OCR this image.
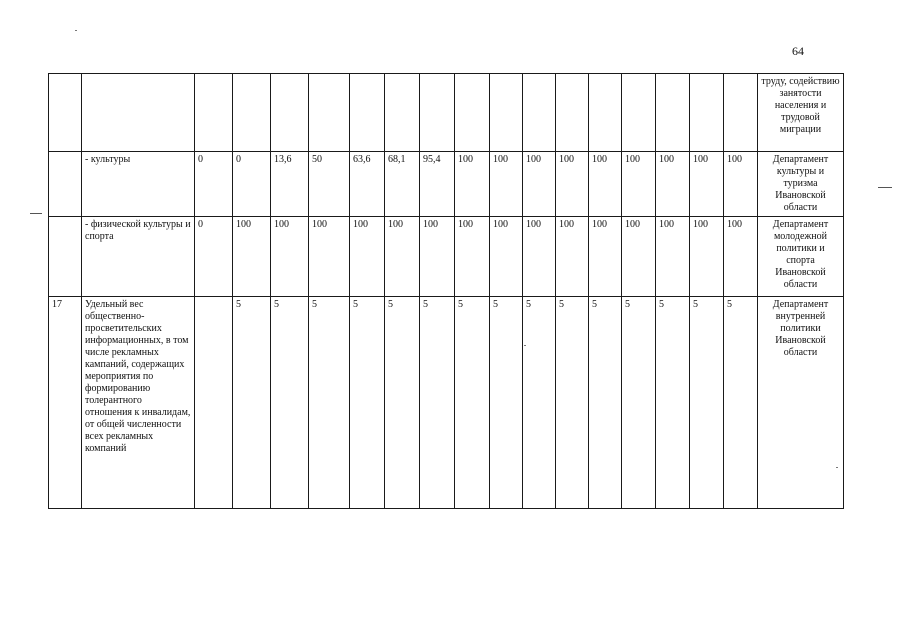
64
																		труду, содействию занятости населения и трудовой миграции
	- культуры	0	0	13,6	50	63,6	68,1	95,4	100	100	100	100	100	100	100	100	100	Департамент культуры и туризма Ивановской области
	- физической культуры и спорта	0	100	100	100	100	100	100	100	100	100	100	100	100	100	100	100	Департамент молодежной политики и спорта Ивановской области
17	Удельный вес общественно-просветительских информационных, в том числе рекламных кампаний, содержащих мероприятия по формированию толерантного отношения к инвалидам, от общей численности всех рекламных компаний		5	5	5	5	5	5	5	5	5	5	5	5	5	5	5	Департамент внутренней политики Ивановской области
